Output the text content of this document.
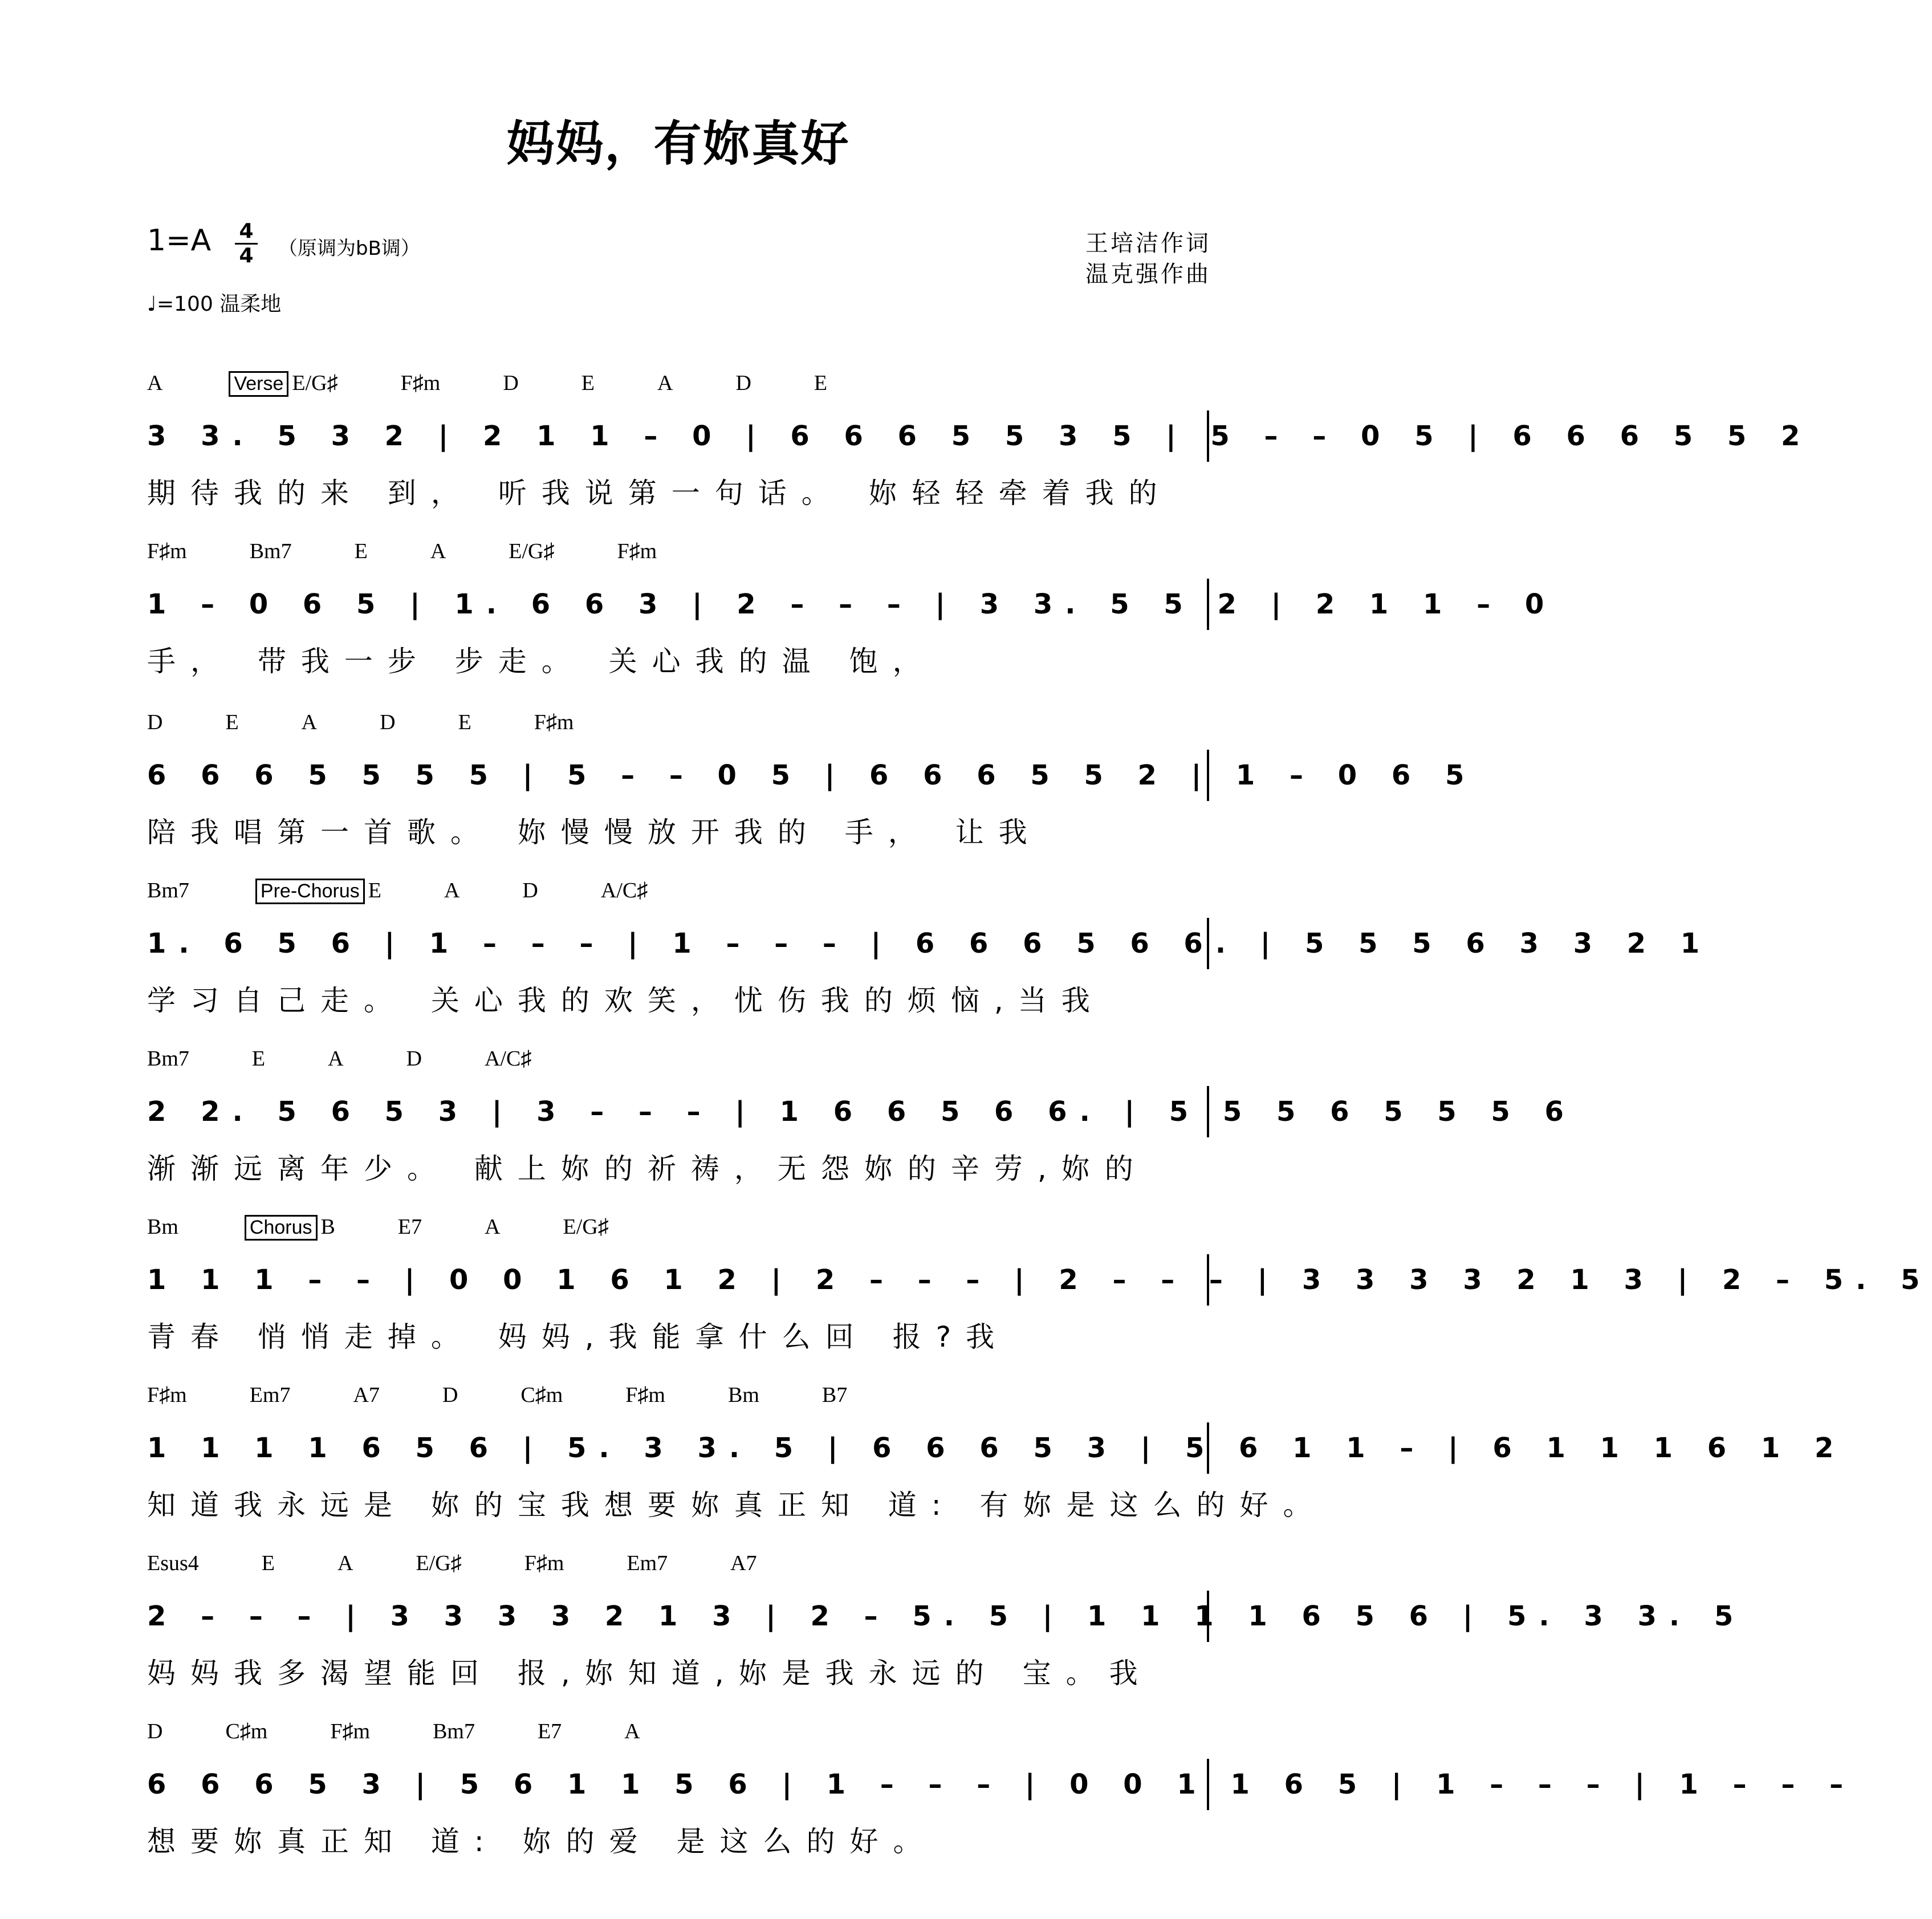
妈妈，有妳真好
1=A 4
4 （原调为bB调）
♩=100 温柔地
王培洁作词
温克强作曲
A	Verse E/G♯	F♯m	D	E	A	D	E
3 3. 5 3 2 | 2 1 1 – 0 | 6 6 6 5 5 3 5 | 5 – – 0 5 | 6 6 6 5 5 2
期待我的来 到， 听我说第一句话。 妳轻轻牵着我的
F♯m	Bm7	E	A	E/G♯	F♯m
1 – 0 6 5 | 1. 6 6 3 | 2 – – – | 3 3. 5 5 2 | 2 1 1 – 0
手， 带我一步 步走。 关心我的温 饱，
D	E	A	D	E	F♯m
6 6 6 5 5 5 5 | 5 – – 0 5 | 6 6 6 5 5 2 | 1 – 0 6 5
陪我唱第一首歌。 妳慢慢放开我的 手， 让我
Bm7	Pre-Chorus E	A	D	A/C♯
1. 6 5 6 | 1 – – – | 1 – – – | 6 6 6 5 6 6. | 5 5 5 6 3 3 2 1
学习自己走。 关心我的欢笑，忧伤我的烦恼,当我
Bm7	E	A	D	A/C♯
2 2. 5 6 5 3 | 3 – – – | 1 6 6 5 6 6. | 5 5 5 6 5 5 5 6
渐渐远离年少。 献上妳的祈祷，无怨妳的辛劳,妳的
Bm	Chorus B	E7	A	E/G♯
1 1 1 – – | 0 0 1 6 1 2 | 2 – – – | 2 – – – | 3 3 3 3 2 1 3 | 2 – 5. 5
青春 悄悄走掉。 妈妈,我能拿什么回 报?我
F♯m	Em7	A7	D	C♯m	F♯m	Bm	B7
1 1 1 1 6 5 6 | 5. 3 3. 5 | 6 6 6 5 3 | 5 6 1 1 – | 6 1 1 1 6 1 2
知道我永远是 妳的宝我想要妳真正知 道: 有妳是这么的好。
Esus4	E	A	E/G♯	F♯m	Em7	A7
2 – – – | 3 3 3 3 2 1 3 | 2 – 5. 5 | 1 1 1 1 6 5 6 | 5. 3 3. 5
妈妈我多渴望能回 报,妳知道,妳是我永远的 宝。我
D	C♯m	F♯m	Bm7	E7	A
6 6 6 5 3 | 5 6 1 1 5 6 | 1 – – – | 0 0 1 1 6 5 | 1 – – – | 1 – – –
想要妳真正知 道: 妳的爱 是这么的好。
